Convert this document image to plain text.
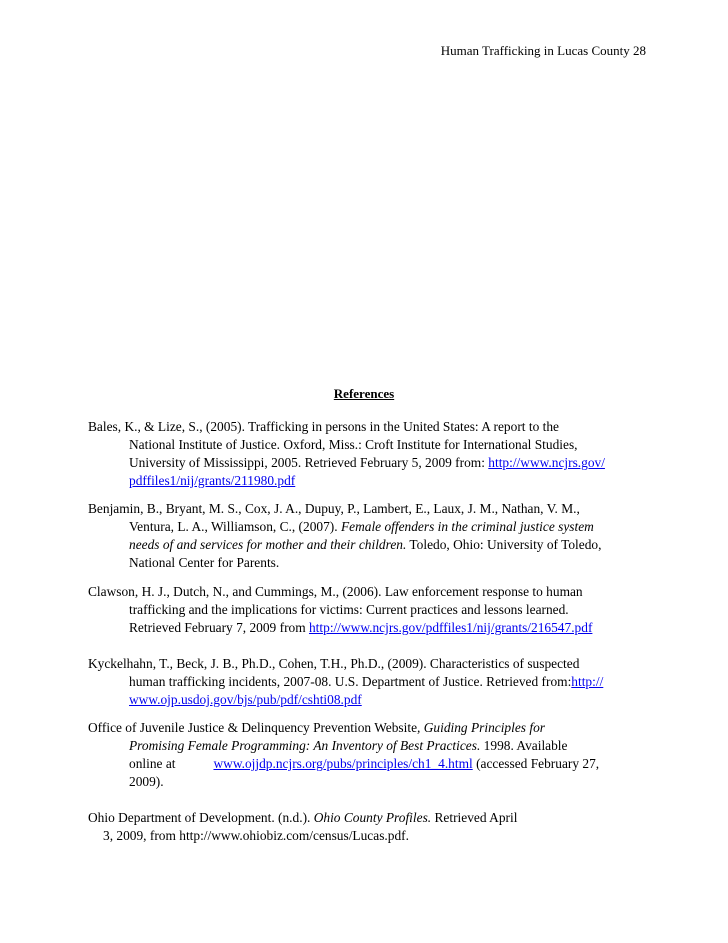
Human Trafficking in Lucas County 28
References
Bales, K., & Lize, S., (2005). Trafficking in persons in the United States: A report to the
National Institute of Justice. Oxford, Miss.: Croft Institute for International Studies,
University of Mississippi, 2005. Retrieved February 5, 2009 from: http://www.ncjrs.gov/
pdffiles1/nij/grants/211980.pdf
Benjamin, B., Bryant, M. S., Cox, J. A., Dupuy, P., Lambert, E., Laux, J. M., Nathan, V. M.,
Ventura, L. A., Williamson, C., (2007). Female offenders in the criminal justice system
needs of and services for mother and their children. Toledo, Ohio: University of Toledo,
National Center for Parents.
Clawson, H. J., Dutch, N., and Cummings, M., (2006). Law enforcement response to human
trafficking and the implications for victims: Current practices and lessons learned.
Retrieved February 7, 2009 from http://www.ncjrs.gov/pdffiles1/nij/grants/216547.pdf
Kyckelhahn, T., Beck, J. B., Ph.D., Cohen, T.H., Ph.D., (2009). Characteristics of suspected
human trafficking incidents, 2007-08. U.S. Department of Justice. Retrieved from:http://
www.ojp.usdoj.gov/bjs/pub/pdf/cshti08.pdf
Office of Juvenile Justice & Delinquency Prevention Website, Guiding Principles for
Promising Female Programming: An Inventory of Best Practices. 1998. Available
online at	www.ojjdp.ncjrs.org/pubs/principles/ch1_4.html (accessed February 27,
2009).
Ohio Department of Development. (n.d.). Ohio County Profiles. Retrieved April
3, 2009, from http://www.ohiobiz.com/census/Lucas.pdf.
